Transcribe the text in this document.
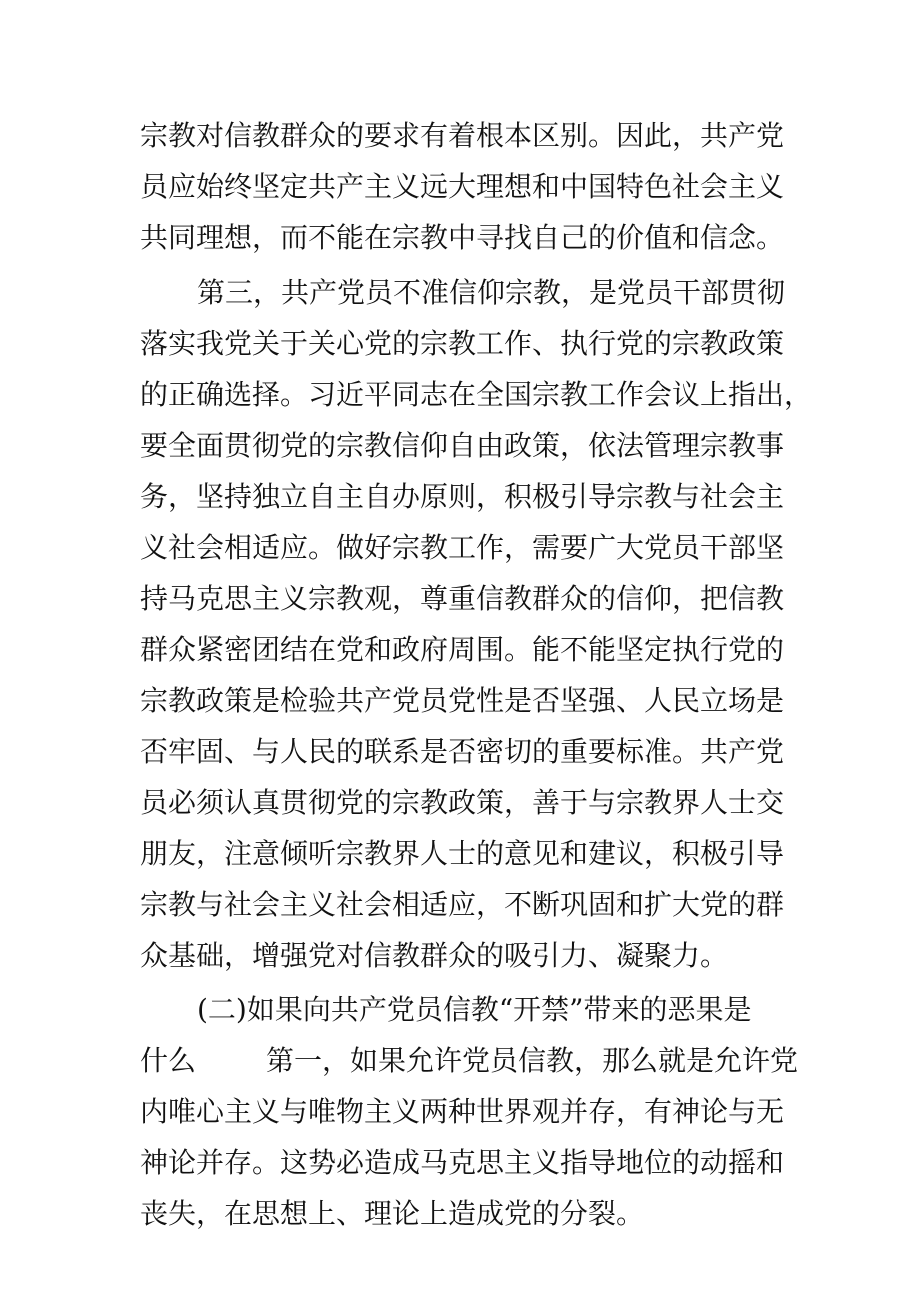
宗教对信教群众的要求有着根本区别。因此，共产党
员应始终坚定共产主义远大理想和中国特色社会主义
共同理想，而不能在宗教中寻找自己的价值和信念。
第三，共产党员不准信仰宗教，是党员干部贯彻
落实我党关于关心党的宗教工作、执行党的宗教政策
的正确选择。习近平同志在全国宗教工作会议上指出，
要全面贯彻党的宗教信仰自由政策，依法管理宗教事
务，坚持独立自主自办原则，积极引导宗教与社会主
义社会相适应。做好宗教工作，需要广大党员干部坚
持马克思主义宗教观，尊重信教群众的信仰，把信教
群众紧密团结在党和政府周围。能不能坚定执行党的
宗教政策是检验共产党员党性是否坚强、人民立场是
否牢固、与人民的联系是否密切的重要标准。共产党
员必须认真贯彻党的宗教政策，善于与宗教界人士交
朋友，注意倾听宗教界人士的意见和建议，积极引导
宗教与社会主义社会相适应，不断巩固和扩大党的群
众基础，增强党对信教群众的吸引力、凝聚力。
(二)如果向共产党员信教“开禁”带来的恶果是
什么	第一，如果允许党员信教，那么就是允许党
内唯心主义与唯物主义两种世界观并存，有神论与无
神论并存。这势必造成马克思主义指导地位的动摇和
丧失，在思想上、理论上造成党的分裂。
